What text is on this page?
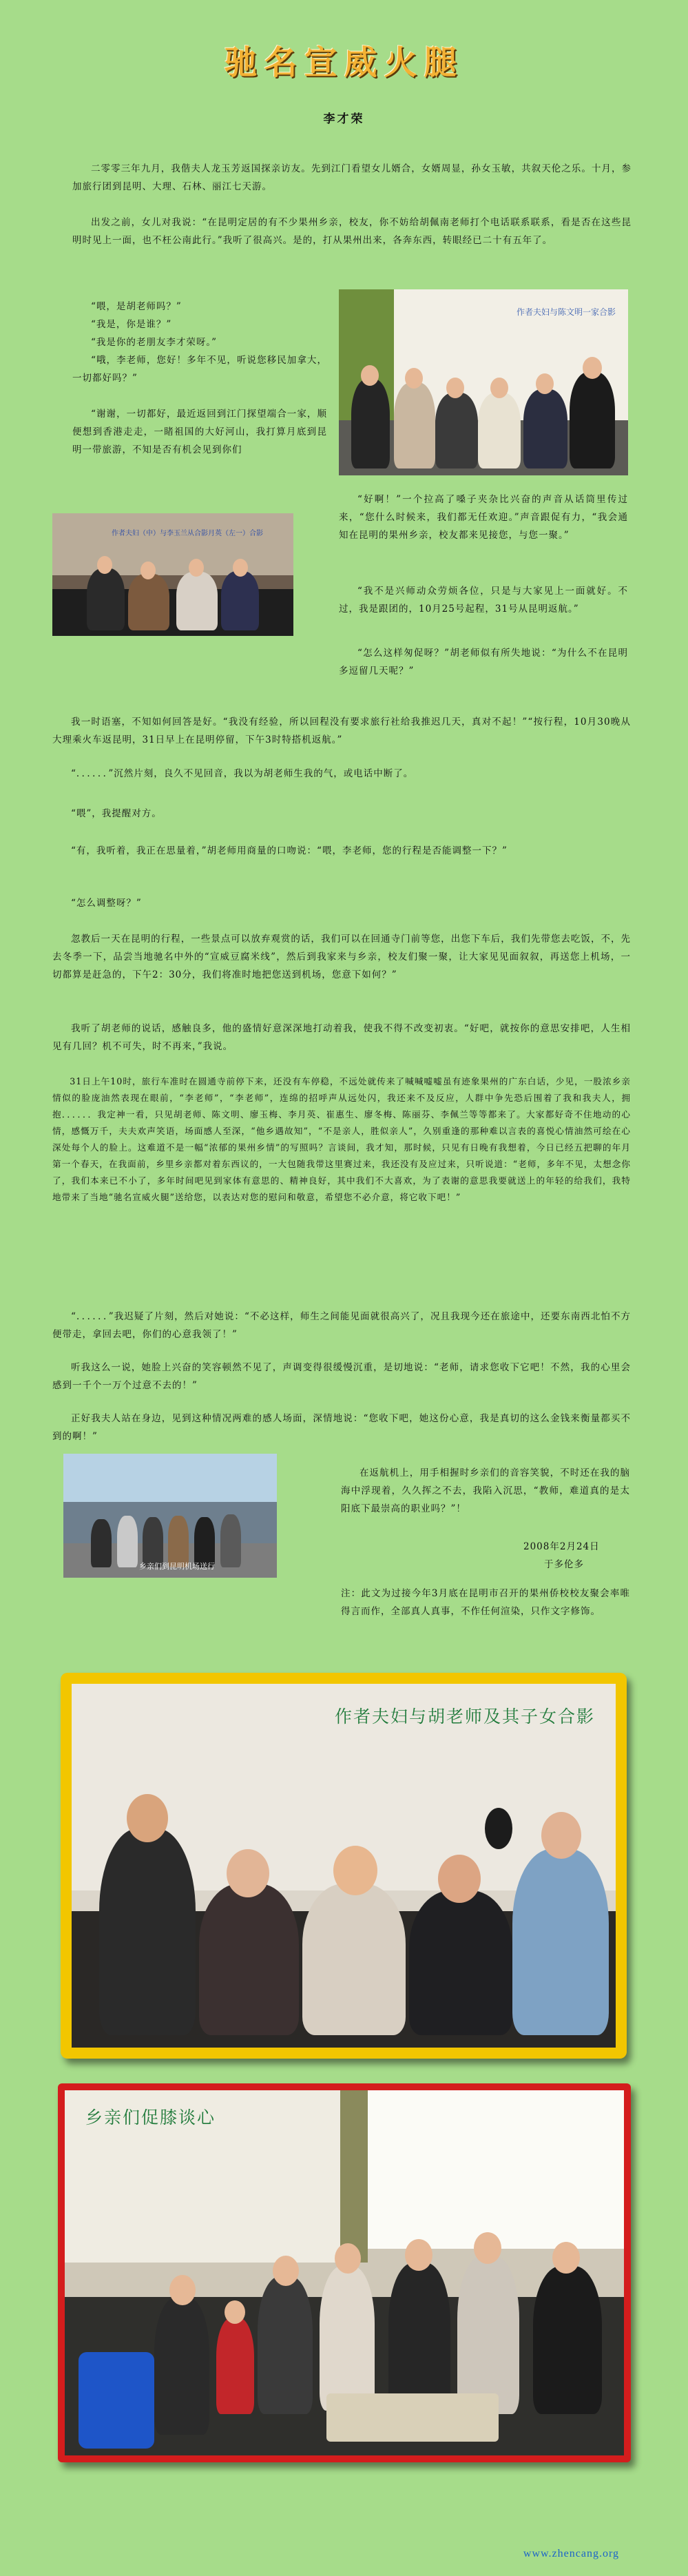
驰名宣威火腿
李才荣

二零零三年九月，我偕夫人龙玉芳返国探亲访友。先到江门看望女儿婿合，女婿周显，孙女玉敏，共叙天伦之乐。十月，参加旅行团到昆明、大理、石林、丽江七天游。

出发之前，女儿对我说：“在昆明定居的有不少果州乡亲，校友，你不妨给胡佩南老师打个电话联系联系，看是否在这些昆明时见上一面，也不枉公南此行。”我听了很高兴。是的，打从果州出来，各奔东西，转眼经已二十有五年了。

“喂，是胡老师吗？”

“我是，你是谁？”

“我是你的老朋友李才荣呀。”

“哦，李老师，您好！多年不见，听说您移民加拿大，一切都好吗？”

“谢谢，一切都好，最近返回到江门探望端合一家，顺便想到香港走走，一睹祖国的大好河山，我打算月底到昆明一带旅游，不知是否有机会见到你们

作者夫妇与陈文明一家合影
作者夫妇（中）与李玉兰从合影月英（左一）合影

“好啊！”一个拉高了嗓子夹杂比兴奋的声音从话筒里传过来，“您什么时候来，我们都无任欢迎。”声音跟促有力，“我会通知在昆明的果州乡亲，校友都来见接您，与您一聚。”

“我不是兴师动众劳烦各位，只是与大家见上一面就好。不过，我是跟团的，10月25号起程，31号从昆明返航。”

“怎么这样匆促呀？”胡老师似有所失地说：“为什么不在昆明多逗留几天呢？”

我一时语塞，不知如何回答是好。“我没有经验，所以回程没有要求旅行社给我推迟几天，真对不起！”“按行程，10月30晚从大理乘火车返昆明，31日早上在昆明停留，下午3时特搭机返航。”

“．．．．．．”沉然片刻，良久不见回音，我以为胡老师生我的气，或电话中断了。

“喂”，我提醒对方。

“有，我听着，我正在思量着，”胡老师用商量的口吻说：“喂，李老师，您的行程是否能调整一下？”

“怎么调整呀？”

忽教后一天在昆明的行程，一些景点可以放弃观赏的话，我们可以在回通寺门前等您，出您下车后，我们先带您去吃饭，不，先去冬季一下，品尝当地驰名中外的“宣威豆腐米线”，然后到我家来与乡亲，校友们聚一聚，让大家见见面叙叙，再送您上机场，一切都算是赶急的，下午2：30分，我们将准时地把您送到机场，您意下如何？”

我听了胡老师的说话，感触良多，他的盛情好意深深地打动着我，使我不得不改变初衷。“好吧，就按你的意思安排吧，人生相见有几回？机不可失，时不再来，”我说。

31日上午10时，旅行车准时在圆通寺前停下来，还没有车停稳，不远处就传来了喊喊嘘嘘虽有迹象果州的广东白话，少见，一股浓乡亲情似的脸庞油然表现在眼前，“李老师”，“李老师”，连绵的招呼声从远处闪，我还来不及反应，人群中争先恐后围着了我和我夫人，拥抱．．．．．．我定神一看，只见胡老师、陈文明、廖玉梅、李月英、崔惠生、廖冬梅、陈丽芬、李佩兰等等都来了。大家都好奇不住地动的心情，感慨万千，夫夫欢声笑语，场面感人至深，“他乡遇故知”，“不是亲人，胜似亲人”，久别重逢的那种难以言表的喜悦心情油然可绘在心深处每个人的脸上。这难道不是一幅“浓郁的果州乡情”的写照吗？言谈间，我才知，那时候，只见有日晚有我想着，今日已经五把聊的年月第一个春天，在我面前，乡里乡亲都对着东西议的，一大包随我带这里赛过来，我还没有及应过来，只听说道：“老师，多年不见，太想念你了，我们本来已不小了，多年时间吧见到家体有意思的、精神良好，其中我们不大喜欢，为了表谢的意思我要就送上的年轻的给我们，我特地带来了当地“驰名宣威火腿”送给您，以表达对您的慰问和敬意，希望您不必介意，将它收下吧！”

“．．．．．．”我迟疑了片刻，然后对她说：“不必这样，师生之间能见面就很高兴了，况且我现今还在旅途中，还要东南西北怕不方便带走，拿回去吧，你们的心意我领了！”

听我这么一说，她脸上兴奋的笑容顿然不见了，声调变得很缓慢沉重，是切地说：“老师，请求您收下它吧！不然，我的心里会感到一千个一万个过意不去的！”

正好我夫人站在身边，见到这种情况两难的感人场面，深情地说：“您收下吧，她这份心意，我是真切的这么金钱来衡量都买不到的啊！”

乡亲们到昆明机场送行

在返航机上，用手相握时乡亲们的音容笑貌，不时还在我的脑海中浮现着，久久挥之不去，我陷入沉思，“教师，难道真的是太阳底下最崇高的职业吗？”！

2008年2月24日
于多伦多

注：此文为过接今年3月底在昆明市召开的果州侨校校友聚会率唯得言而作，全部真人真事，不作任何渲染，只作文字修饰。

作者夫妇与胡老师及其子女合影
乡亲们促膝谈心
www.zhencang.org
